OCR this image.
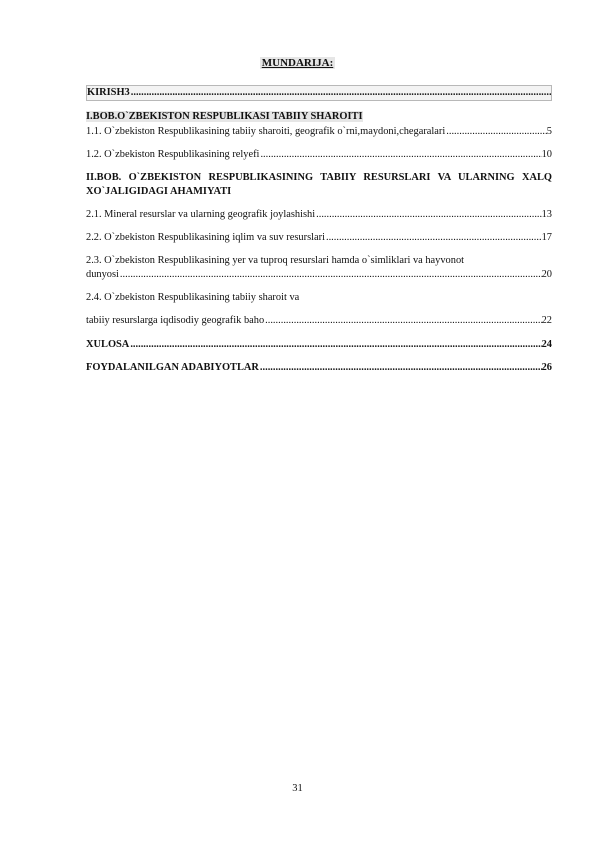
MUNDARIJA:
KIRISH 3
.....
I.BOB.O`ZBEKISTON RESPUBLIKASI TABIIY SHAROITI
1.1. O`zbekiston Respublikasining tabiiy sharoiti, geografik o`rni,maydoni,chegaralari .....	5
1.2. O`zbekiston Respublikasining relyefi .....	10
II.BOB. O`ZBEKISTON RESPUBLIKASINING TABIIY RESURSLARI VA ULARNING XALQ XO`JALIGIDAGI AHAMIYATI
2.1. Mineral resurslar va ularning geografik joylashishi .....	13
2.2. O`zbekiston Respublikasining iqlim va suv resurslari .....	17
2.3. O`zbekiston Respublikasining yer va tuproq resurslari hamda o`simliklari va hayvonot
dunyosi .....	20
2.4. O`zbekiston Respublikasining tabiiy sharoit va
tabiiy resurslarga iqdisodiy geografik baho .....	22
XULOSA .....	24
FOYDALANILGAN ADABIYOTLAR .....	26
31
